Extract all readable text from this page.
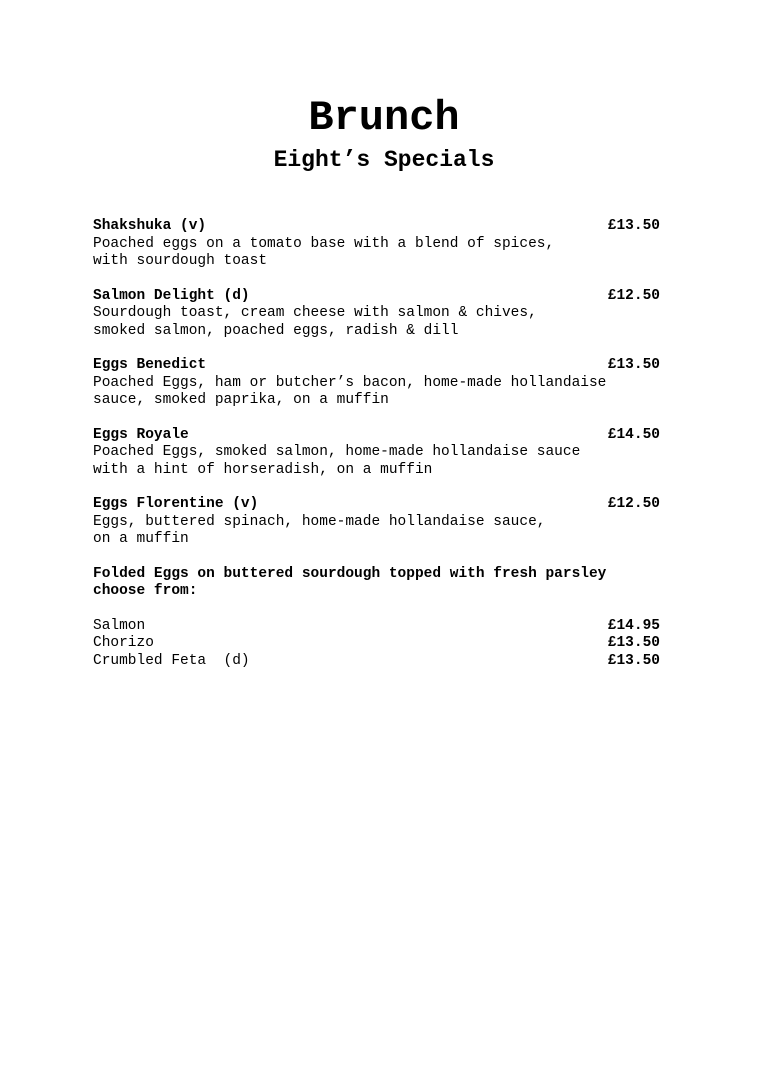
Brunch
Eight’s Specials
Shakshuka (v)	£13.50

Poached eggs on a tomato base with a blend of spices,
with sourdough toast

Salmon Delight (d)	£12.50

Sourdough toast, cream cheese with salmon & chives,
smoked salmon, poached eggs, radish & dill

Eggs Benedict	£13.50

Poached Eggs, ham or butcher’s bacon, home-made hollandaise
sauce, smoked paprika, on a muffin

Eggs Royale	£14.50

Poached Eggs, smoked salmon, home-made hollandaise sauce
with a hint of horseradish, on a muffin

Eggs Florentine (v)	£12.50

Eggs, buttered spinach, home-made hollandaise sauce,
on a muffin

Folded Eggs on buttered sourdough topped with fresh parsley
choose from:

Salmon	£14.95
Chorizo	£13.50
Crumbled Feta  (d)	£13.50
